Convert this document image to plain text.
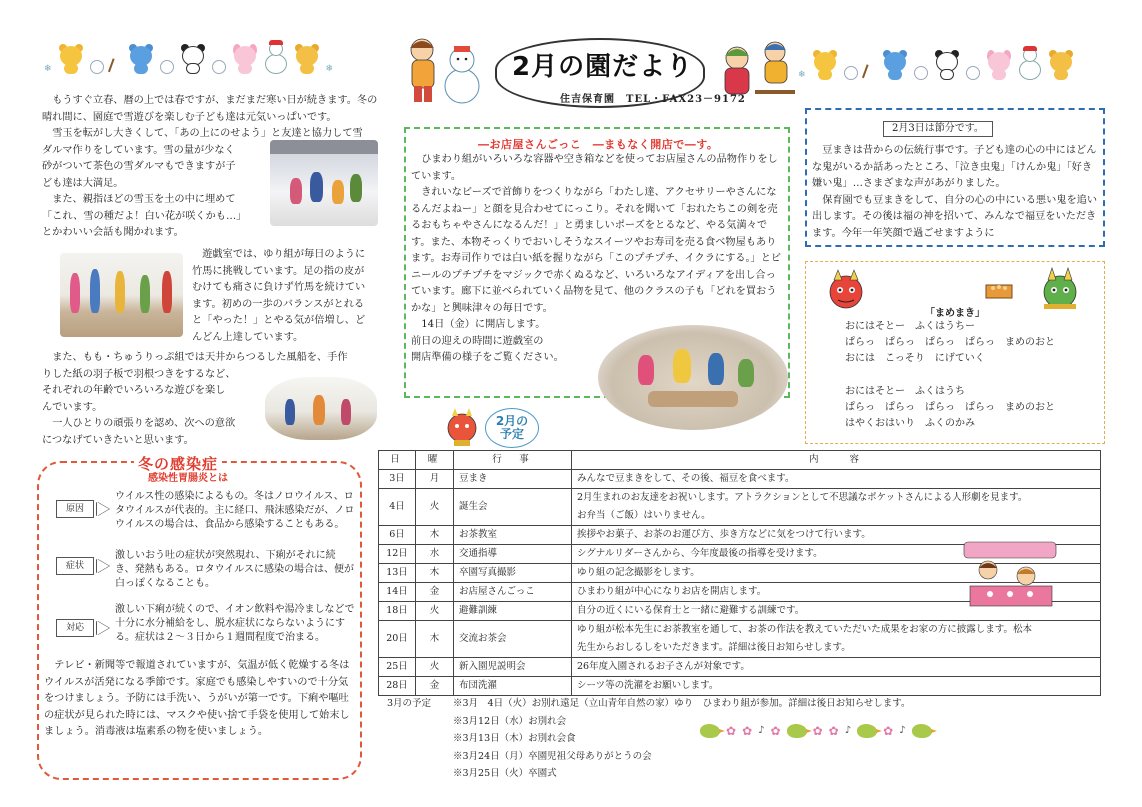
❄	❄
❄
2月の園だより
住吉保育園　TEL・FAX23－9172

もうすぐ立春、暦の上では春ですが、まだまだ寒い日が続きます。冬の晴れ間に、園庭で雪遊びを楽しむ子ども達は元気いっぱいです。

雪玉を転がし大きくして、「あの上にのせよう」と友達と協力して雪

ダルマ作りをしています。雪の量が少なく

砂がついて茶色の雪ダルマもできますが子

ども達は大満足。

また、親指ほどの雪玉を土の中に埋めて

「これ、雪の種だよ！白い花が咲くかも…」

とかわいい会話も聞かれます。

遊戯室では、ゆり組が毎日のように

竹馬に挑戦しています。足の指の皮が

むけても痛さに負けず竹馬を続けてい

ます。初めの一歩のバランスがとれる

と「やった！」とやる気が倍増し、ど

んどん上達しています。

また、もも・ちゅうりっぷ組では天井からつるした風船を、手作

りした紙の羽子板で羽根つきをするなど、

それぞれの年齢でいろいろな遊びを楽し

んでいます。

一人ひとりの頑張りを認め、次への意欲

につなげていきたいと思います。

―お店屋さんごっこ　―まもなく開店で―す。

ひまわり組がいろいろな容器や空き箱などを使ってお店屋さんの品物作りをしています。

きれいなビーズで首飾りをつくりながら「わたし達、アクセサリーやさんになるんだよねー」と顔を見合わせてにっこり。それを聞いて「おれたちこの剣を売るおもちゃやさんになるんだ！」と勇ましいポーズをとるなど、やる気満々です。また、本物そっくりでおいしそうなスイーツやお寿司を売る食べ物屋もあります。お寿司作りでは白い紙を握りながら「このプチプチ、イクラにする。」とビニールのプチプチをマジックで赤くぬるなど、いろいろなアイディアを出し合っています。廊下に並べられていく品物を見て、他のクラスの子も「どれを買おうかな」と興味津々の毎日です。

14日（金）に開店します。

前日の迎えの時間に遊戯室の

開店準備の様子をご覧ください。

2月3日は節分です。

豆まきは昔からの伝統行事です。子ども達の心の中にはどんな鬼がいるか話あったところ、「泣き虫鬼」「けんか鬼」「好き嫌い鬼」…さまざまな声があがりました。

保育園でも豆まきをして、自分の心の中にいる悪い鬼を追い出します。その後は福の神を招いて、みんなで福豆をいただきます。今年一年笑顔で過ごせますように

「まめまき」

おにはそとー　ふくはうちー

ぱらっ　ぱらっ　ぱらっ　ぱらっ　まめのおと

おには　こっそり　にげていく

おにはそとー　ふくはうち

ぱらっ　ぱらっ　ぱらっ　ぱらっ　まめのおと

はやくおはいり　ふくのかみ

2月の
予定
冬の感染症
感染性胃腸炎とは
原因
ウイルス性の感染によるもの。冬はノロウイルス、ロタウイルスが代表的。主に経口、飛沫感染だが、ノロウイルスの場合は、食品から感染することもある。
症状
激しいおう吐の症状が突然現れ、下痢がそれに続き、発熱もある。ロタウイルスに感染の場合は、便が白っぽくなることも。
対応
激しい下痢が続くので、イオン飲料や湯冷ましなどで十分に水分補給をし、脱水症状にならないようにする。症状は２～３日から１週間程度で治まる。

テレビ・新聞等で報道されていますが、気温が低く乾燥する冬はウイルスが活発になる季節です。家庭でも感染しやすいので十分気をつけましょう。予防には手洗い、うがいが第一です。下痢や嘔吐の症状が見られた時には、マスクや使い捨て手袋を使用して始末しましょう。消毒液は塩素系の物を使いましょう。

日	曜	行　事	内　　容
3日	月	豆まき	みんなで豆まきをして、その後、福豆を食べます。
4日	火	誕生会	2月生まれのお友達をお祝いします。アトラクションとして不思議なポケットさんによる人形劇を見ます。
お弁当（ご飯）はいりません。

6日	木	お茶教室	挨拶やお菓子、お茶のお運び方、歩き方などに気をつけて行います。
12日	水	交通指導	シグナルリダーさんから、今年度最後の指導を受けます。
13日	木	卒園写真撮影	ゆり組の記念撮影をします。
14日	金	お店屋さんごっこ	ひまわり組が中心になりお店を開店します。
18日	火	避難訓練	自分の近くにいる保育士と一緒に避難する訓練です。
20日	木	交流お茶会	ゆり組が松本先生にお茶教室を通して、お茶の作法を教えていただいた成果をお家の方に披露します。松本
先生からおしるしをいただきます。詳細は後日お知らせします。

25日	火	新入園児説明会	26年度入園されるお子さんが対象です。
28日	金	布団洗濯	シーツ等の洗濯をお願いします。
3月の予定	※3月　4日（火）お別れ遠足（立山青年自然の家）ゆり　ひまわり組が参加。詳細は後日お知らせします。

※3月12日（水）お別れ会

※3月13日（木）お別れ会食

※3月24日（月）卒園児祖父母ありがとうの会

※3月25日（火）卒園式

✿ ✿ ♪ ✿	✿ ✿ ♪	✿ ♪
